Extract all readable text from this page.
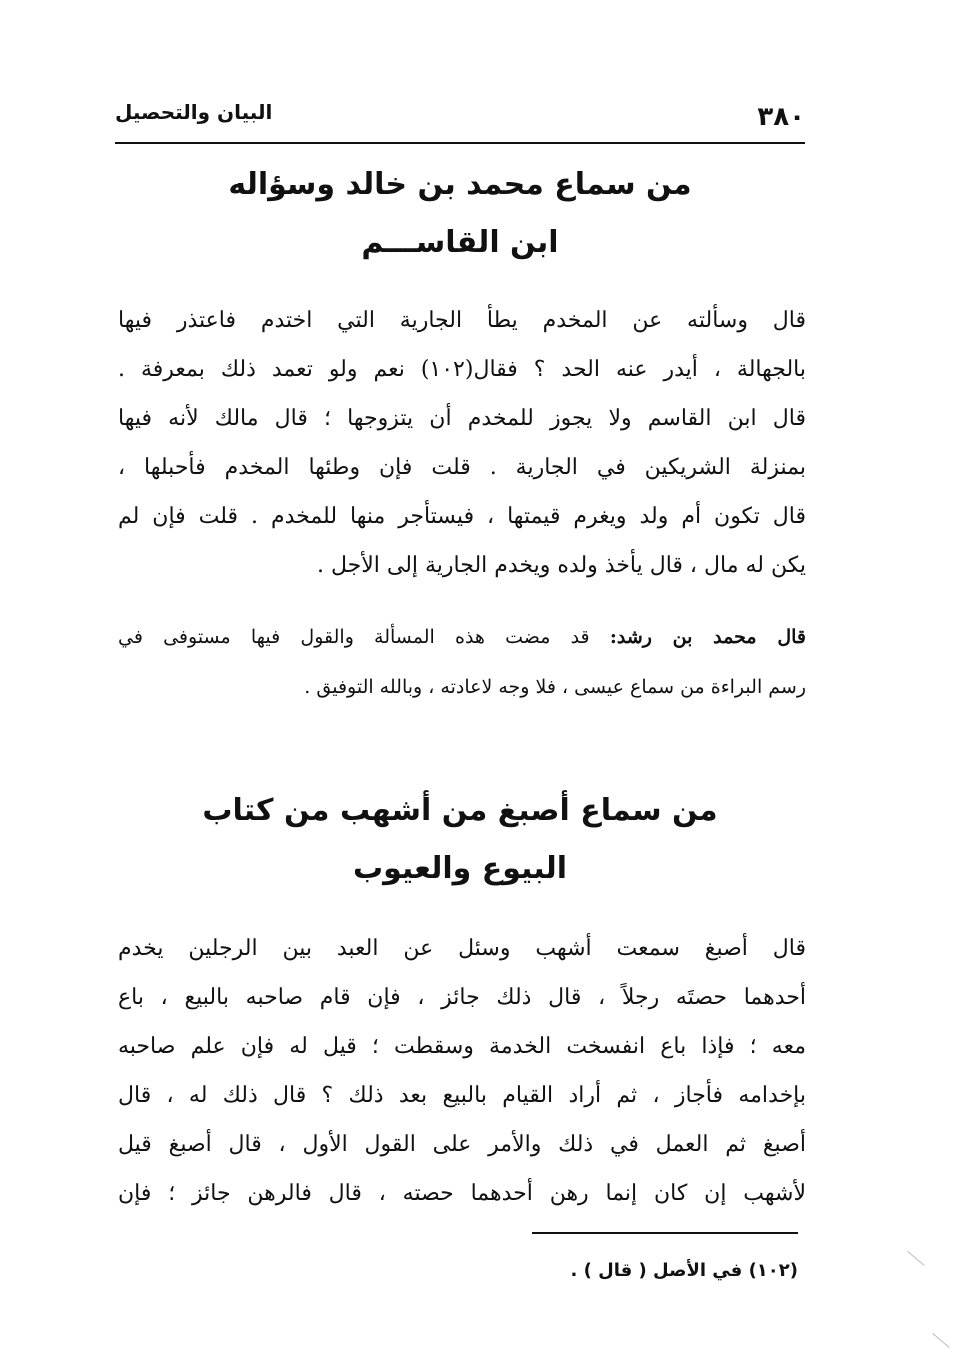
٣٨٠
البيان والتحصيل
من سماع محمد بن خالد وسؤاله
ابن القاســـم
قال وسألته عن المخدم يطأ الجارية التي اختدم فاعتذر فيها
بالجهالة ، أيدر عنه الحد ؟ فقال(١٠٢) نعم ولو تعمد ذلك بمعرفة .
قال ابن القاسم ولا يجوز للمخدم أن يتزوجها ؛ قال مالك لأنه فيها
بمنزلة الشريكين في الجارية . قلت فإن وطئها المخدم فأحبلها ،
قال تكون أم ولد ويغرم قيمتها ، فيستأجر منها للمخدم . قلت فإن لم
يكن له مال ، قال يأخذ ولده ويخدم الجارية إلى الأجل .
قال محمد بن رشد: قد مضت هذه المسألة والقول فيها مستوفى في
رسم البراءة من سماع عيسى ، فلا وجه لاعادته ، وبالله التوفيق .
من سماع أصبغ من أشهب من كتاب
البيوع والعيوب
قال أصبغ سمعت أشهب وسئل عن العبد بين الرجلين يخدم
أحدهما حصتَه رجلاً ، قال ذلك جائز ، فإن قام صاحبه بالبيع ، باع
معه ؛ فإذا باع انفسخت الخدمة وسقطت ؛ قيل له فإن علم صاحبه
بإخدامه فأجاز ، ثم أراد القيام بالبيع بعد ذلك ؟ قال ذلك له ، قال
أصبغ ثم العمل في ذلك والأمر على القول الأول ، قال أصبغ قيل
لأشهب إن كان إنما رهن أحدهما حصته ، قال فالرهن جائز ؛ فإن
(١٠٢) في الأصل ( قال ) .
